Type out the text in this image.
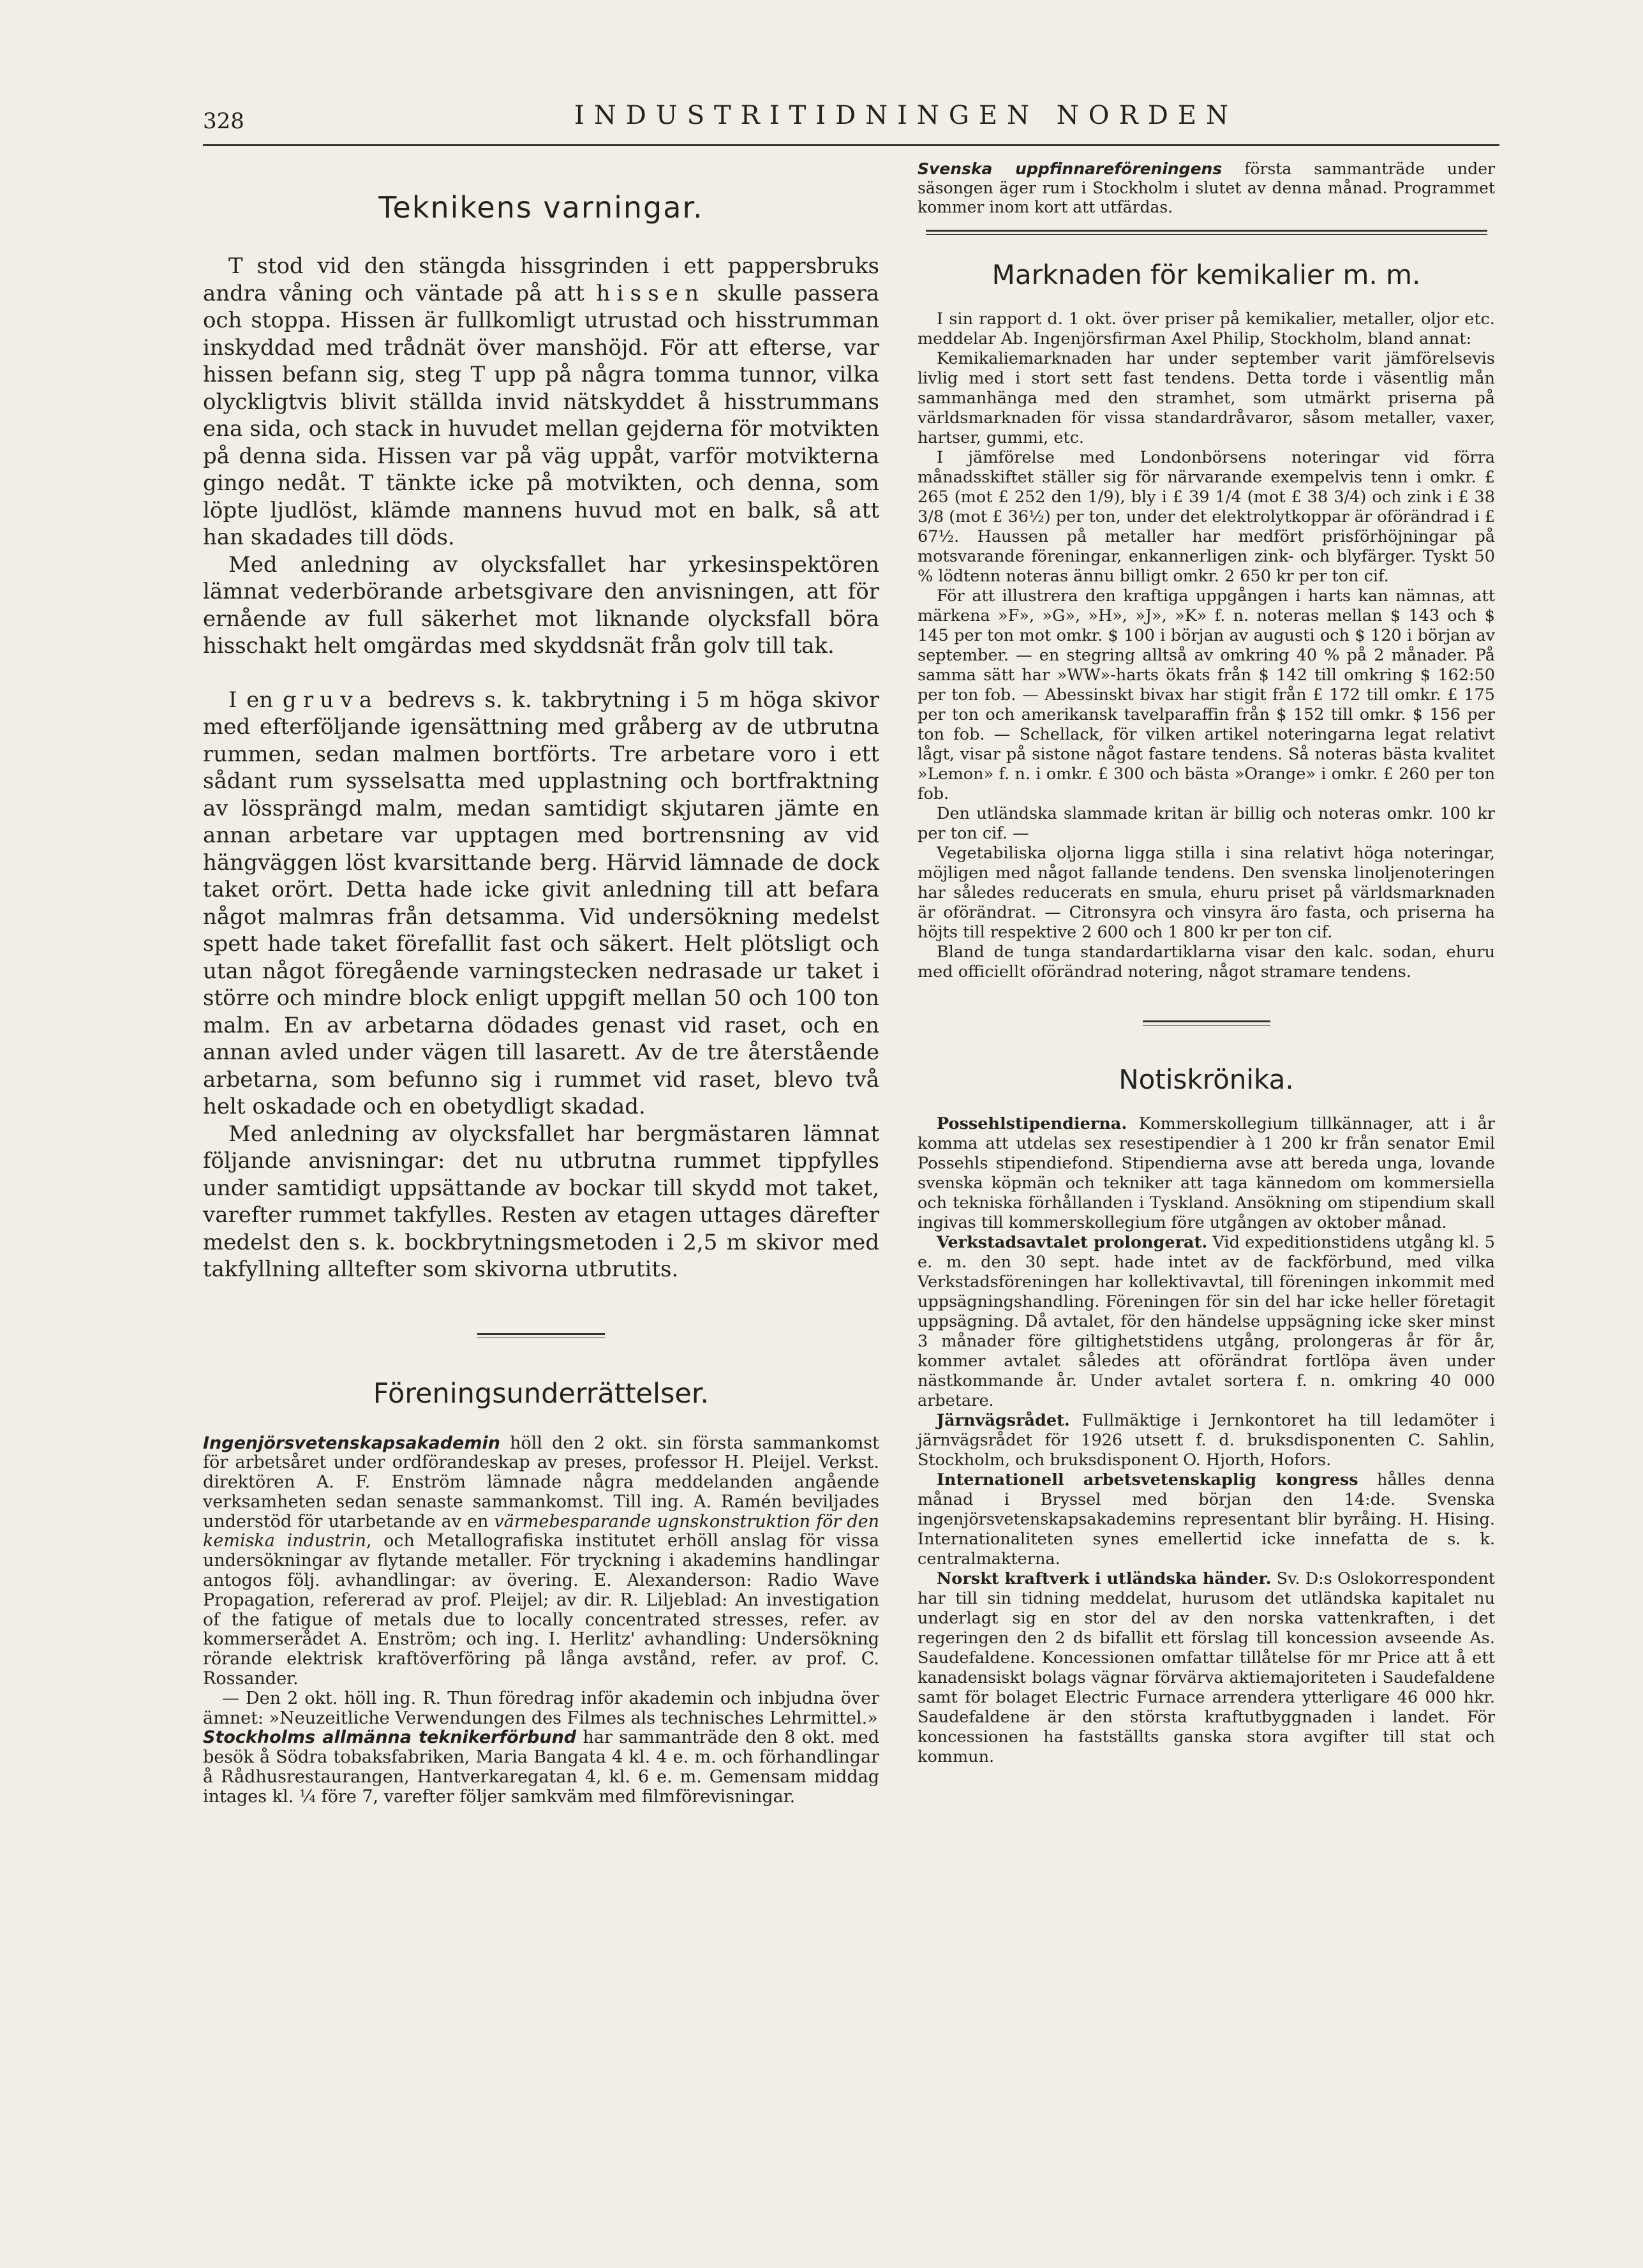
328	INDUSTRITIDNINGEN NORDEN
Teknikens varningar.

T stod vid den stängda hissgrinden i ett pappersbruks andra våning och väntade på att hissen skulle passera och stoppa. Hissen är fullkomligt utrustad och hisstrumman inskyddad med trådnät över manshöjd. För att efterse, var hissen befann sig, steg T upp på några tomma tunnor, vilka olyckligtvis blivit ställda invid nätskyddet å hisstrummans ena sida, och stack in huvudet mellan gejderna för motvikten på denna sida. Hissen var på väg uppåt, varför motvikterna gingo nedåt. T tänkte icke på motvikten, och denna, som löpte ljudlöst, klämde mannens huvud mot en balk, så att han skadades till döds.

Med anledning av olycksfallet har yrkesinspektören lämnat vederbörande arbetsgivare den anvisningen, att för ernående av full säkerhet mot liknande olycksfall böra hisschakt helt omgärdas med skyddsnät från golv till tak.

I en gruva bedrevs s. k. takbrytning i 5 m höga skivor med efterföljande igensättning med gråberg av de utbrutna rummen, sedan malmen bortförts. Tre arbetare voro i ett sådant rum sysselsatta med upplastning och bortfraktning av lössprängd malm, medan samtidigt skjutaren jämte en annan arbetare var upptagen med bortrensning av vid hängväggen löst kvarsittande berg. Härvid lämnade de dock taket orört. Detta hade icke givit anledning till att befara något malmras från detsamma. Vid undersökning medelst spett hade taket förefallit fast och säkert. Helt plötsligt och utan något föregående varningstecken nedrasade ur taket i större och mindre block enligt uppgift mellan 50 och 100 ton malm. En av arbetarna dödades genast vid raset, och en annan avled under vägen till lasarett. Av de tre återstående arbetarna, som befunno sig i rummet vid raset, blevo två helt oskadade och en obetydligt skadad.

Med anledning av olycksfallet har bergmästaren lämnat följande anvisningar: det nu utbrutna rummet tippfylles under samtidigt uppsättande av bockar till skydd mot taket, varefter rummet takfylles. Resten av etagen uttages därefter medelst den s. k. bockbrytningsmetoden i 2,5 m skivor med takfyllning alltefter som skivorna utbrutits.

Föreningsunderrättelser.

Ingenjörsvetenskapsakademin höll den 2 okt. sin första sammankomst för arbetsåret under ordförandeskap av preses, professor H. Pleijel. Verkst. direktören A. F. Enström lämnade några meddelanden angående verksamheten sedan senaste sammankomst. Till ing. A. Ramén beviljades understöd för utarbetande av en värmebesparande ugnskonstruktion för den kemiska industrin, och Metallografiska institutet erhöll anslag för vissa undersökningar av flytande metaller. För tryckning i akademins handlingar antogos följ. avhandlingar: av övering. E. Alexanderson: Radio Wave Propagation, refererad av prof. Pleijel; av dir. R. Liljeblad: An investigation of the fatigue of metals due to locally concentrated stresses, refer. av kommerserådet A. Enström; och ing. I. Herlitz' avhandling: Undersökning rörande elektrisk kraftöverföring på långa avstånd, refer. av prof. C. Rossander.

— Den 2 okt. höll ing. R. Thun föredrag inför akademin och inbjudna över ämnet: »Neuzeitliche Verwendungen des Filmes als technisches Lehrmittel.»

Stockholms allmänna teknikerförbund har sammanträde den 8 okt. med besök å Södra tobaksfabriken, Maria Bangata 4 kl. 4 e. m. och förhandlingar å Rådhusrestaurangen, Hantverkaregatan 4, kl. 6 e. m. Gemensam middag intages kl. ¼ före 7, varefter följer samkväm med filmförevisningar.

Svenska uppfinnareföreningens första sammanträde under säsongen äger rum i Stockholm i slutet av denna månad. Programmet kommer inom kort att utfärdas.

Marknaden för kemikalier m. m.

I sin rapport d. 1 okt. över priser på kemikalier, metaller, oljor etc. meddelar Ab. Ingenjörsfirman Axel Philip, Stockholm, bland annat:

Kemikaliemarknaden har under september varit jämförelsevis livlig med i stort sett fast tendens. Detta torde i väsentlig mån sammanhänga med den stramhet, som utmärkt priserna på världsmarknaden för vissa standardråvaror, såsom metaller, vaxer, hartser, gummi, etc.

I jämförelse med Londonbörsens noteringar vid förra månadsskiftet ställer sig för närvarande exempelvis tenn i omkr. £ 265 (mot £ 252 den 1/9), bly i £ 39 1/4 (mot £ 38 3/4) och zink i £ 38 3/8 (mot £ 36½) per ton, under det elektrolytkoppar är oförändrad i £ 67½. Haussen på metaller har medfört prisförhöjningar på motsvarande föreningar, enkannerligen zink- och blyfärger. Tyskt 50 % lödtenn noteras ännu billigt omkr. 2 650 kr per ton cif.

För att illustrera den kraftiga uppgången i harts kan nämnas, att märkena »F», »G», »H», »J», »K» f. n. noteras mellan $ 143 och $ 145 per ton mot omkr. $ 100 i början av augusti och $ 120 i början av september. — en stegring alltså av omkring 40 % på 2 månader. På samma sätt har »WW»-harts ökats från $ 142 till omkring $ 162:50 per ton fob. — Abessinskt bivax har stigit från £ 172 till omkr. £ 175 per ton och amerikansk tavelparaffin från $ 152 till omkr. $ 156 per ton fob. — Schellack, för vilken artikel noteringarna legat relativt lågt, visar på sistone något fastare tendens. Så noteras bästa kvalitet »Lemon» f. n. i omkr. £ 300 och bästa »Orange» i omkr. £ 260 per ton fob.

Den utländska slammade kritan är billig och noteras omkr. 100 kr per ton cif. —

Vegetabiliska oljorna ligga stilla i sina relativt höga noteringar, möjligen med något fallande tendens. Den svenska linoljenoteringen har således reducerats en smula, ehuru priset på världsmarknaden är oförändrat. — Citronsyra och vinsyra äro fasta, och priserna ha höjts till respektive 2 600 och 1 800 kr per ton cif.

Bland de tunga standardartiklarna visar den kalc. sodan, ehuru med officiellt oförändrad notering, något stramare tendens.

Notiskrönika.

Possehlstipendierna. Kommerskollegium tillkännager, att i år komma att utdelas sex resestipendier à 1 200 kr från senator Emil Possehls stipendiefond. Stipendierna avse att bereda unga, lovande svenska köpmän och tekniker att taga kännedom om kommersiella och tekniska förhållanden i Tyskland. Ansökning om stipendium skall ingivas till kommerskollegium före utgången av oktober månad.

Verkstadsavtalet prolongerat. Vid expeditionstidens utgång kl. 5 e. m. den 30 sept. hade intet av de fackförbund, med vilka Verkstadsföreningen har kollektivavtal, till föreningen inkommit med uppsägningshandling. Föreningen för sin del har icke heller företagit uppsägning. Då avtalet, för den händelse uppsägning icke sker minst 3 månader före giltighetstidens utgång, prolongeras år för år, kommer avtalet således att oförändrat fortlöpa även under nästkommande år. Under avtalet sortera f. n. omkring 40 000 arbetare.

Järnvägsrådet. Fullmäktige i Jernkontoret ha till ledamöter i järnvägsrådet för 1926 utsett f. d. bruksdisponenten C. Sahlin, Stockholm, och bruksdisponent O. Hjorth, Hofors.

Internationell arbetsvetenskaplig kongress hålles denna månad i Bryssel med början den 14:de. Svenska ingenjörsvetenskapsakademins representant blir byråing. H. Hising. Internationaliteten synes emellertid icke innefatta de s. k. centralmakterna.

Norskt kraftverk i utländska händer. Sv. D:s Oslokorrespondent har till sin tidning meddelat, hurusom det utländska kapitalet nu underlagt sig en stor del av den norska vattenkraften, i det regeringen den 2 ds bifallit ett förslag till koncession avseende As. Saudefaldene. Koncessionen omfattar tillåtelse för mr Price att å ett kanadensiskt bolags vägnar förvärva aktiemajoriteten i Saudefaldene samt för bolaget Electric Furnace arrendera ytterligare 46 000 hkr. Saudefaldene är den största kraftutbyggnaden i landet. För koncessionen ha fastställts ganska stora avgifter till stat och kommun.
